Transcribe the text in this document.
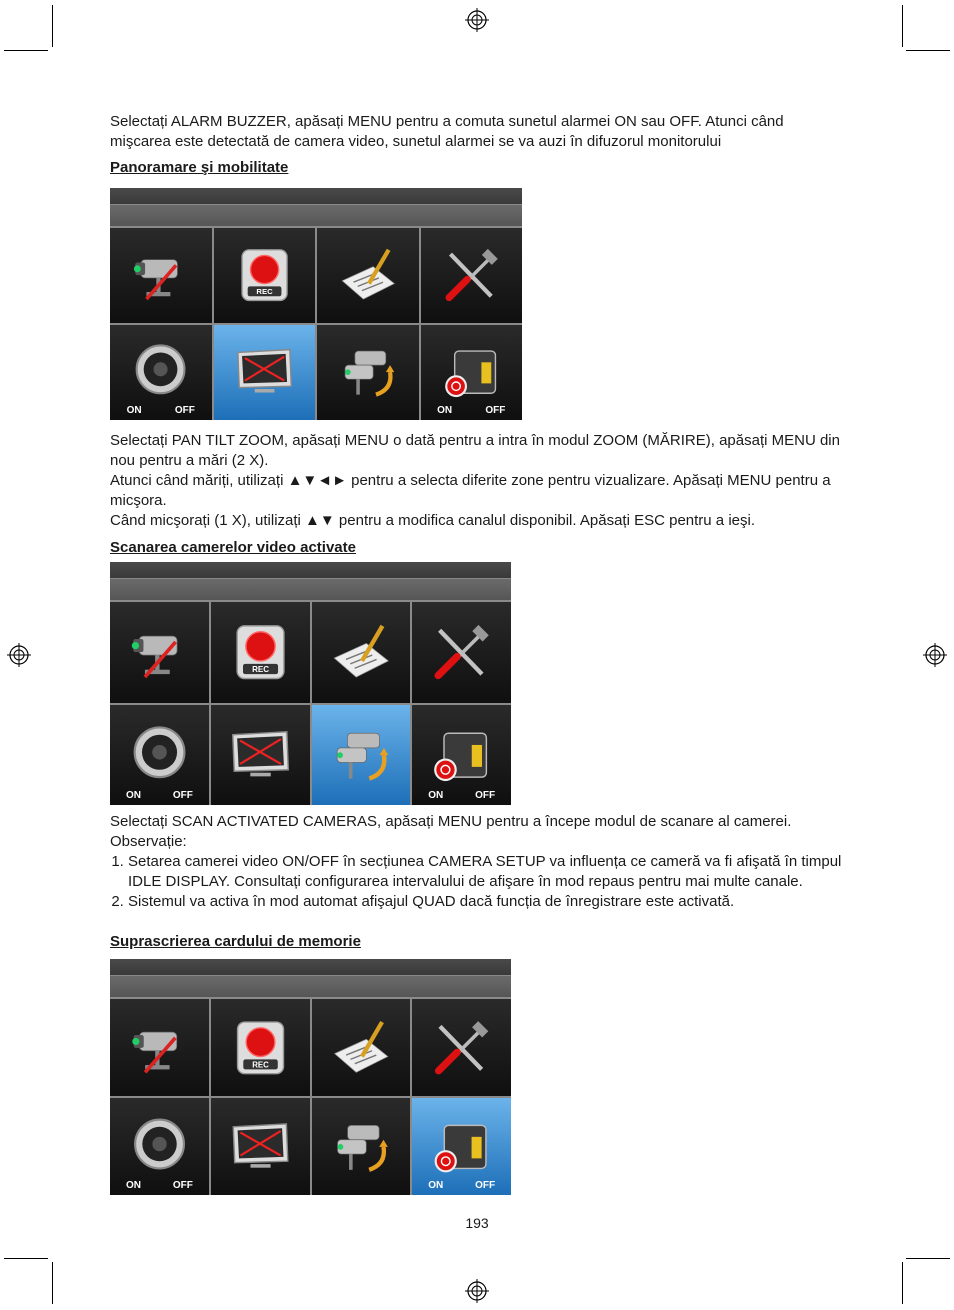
Selectați ALARM BUZZER, apăsați MENU pentru a comuta sunetul alarmei ON sau OFF. Atunci când

mişcarea este detectată de camera video, sunetul alarmei se va auzi în difuzorul monitorului

Panoramare şi mobilitate
REC
ON	OFF	ON	OFF

Selectați PAN TILT ZOOM, apăsați MENU o dată pentru a intra în modul ZOOM (MĂRIRE), apăsați MENU din nou pentru a mări (2 X).

Atunci când măriți, utilizați ▲▼◄► pentru a selecta diferite zone pentru vizualizare. Apăsați MENU pentru a micşora.

Când micşorați (1 X), utilizați ▲▼ pentru a modifica canalul disponibil. Apăsați ESC pentru a ieşi.

Scanarea camerelor video activate
REC
ON	OFF	ON	OFF

Selectați SCAN ACTIVATED CAMERAS, apăsați MENU pentru a începe modul de scanare al camerei.

Observație:

1. Setarea camerei video ON/OFF în secțiunea CAMERA SETUP va influența ce cameră va fi afişată în timpul IDLE DISPLAY. Consultați configurarea intervalului de afişare în mod repaus pentru mai multe canale.
2. Sistemul va activa în mod automat afişajul QUAD dacă funcția de înregistrare este activată.
Suprascrierea cardului de memorie
REC
ON	OFF	ON	OFF
193
